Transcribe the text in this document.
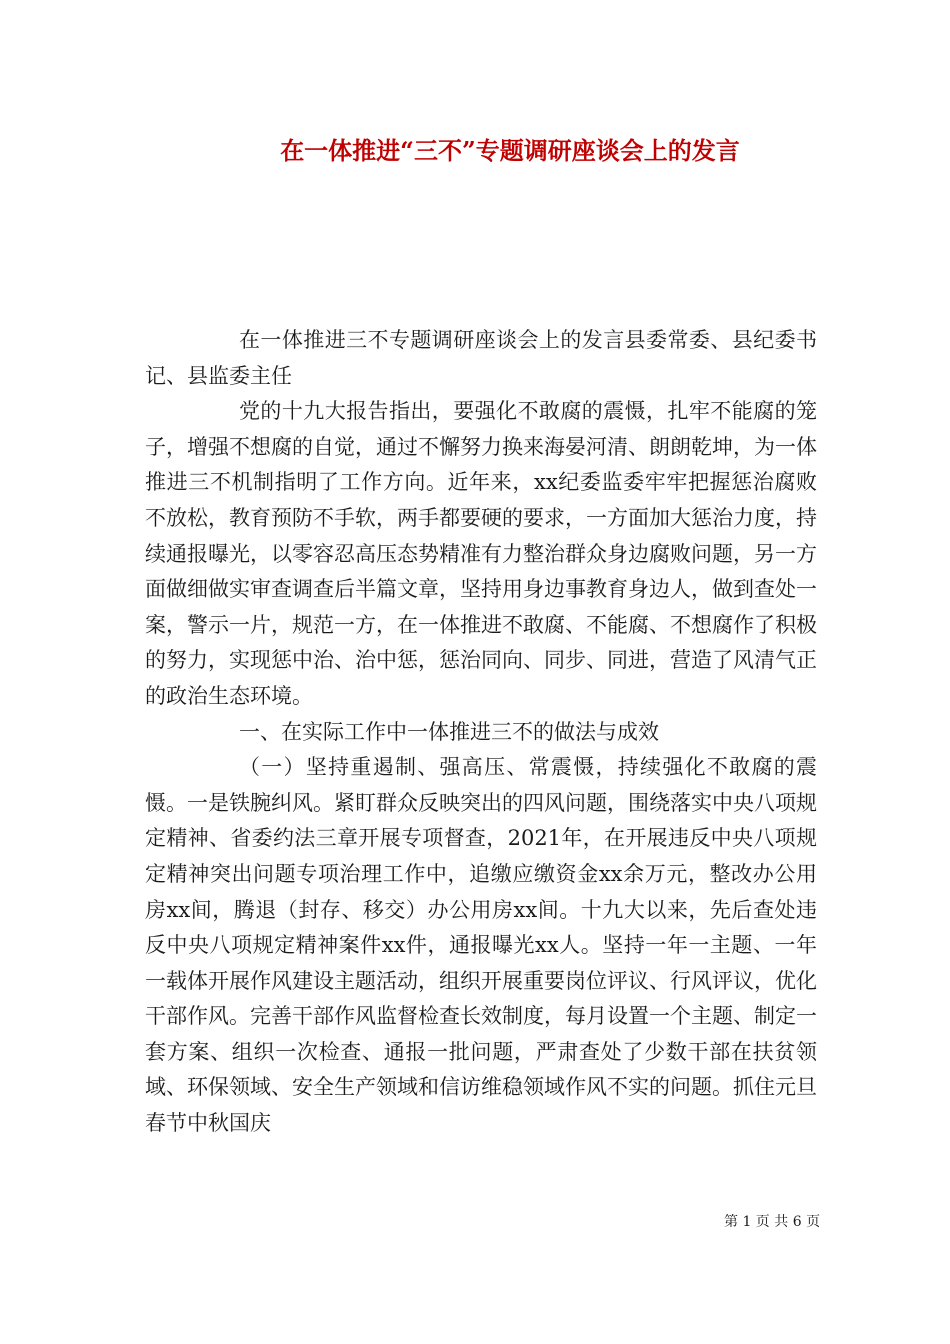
在一体推进“三不”专题调研座谈会上的发言

在一体推进三不专题调研座谈会上的发言县委常委、县纪委书记、县监委主任

党的十九大报告指出，要强化不敢腐的震慑，扎牢不能腐的笼子，增强不想腐的自觉，通过不懈努力换来海晏河清、朗朗乾坤，为一体推进三不机制指明了工作方向。近年来，xx纪委监委牢牢把握惩治腐败不放松，教育预防不手软，两手都要硬的要求，一方面加大惩治力度，持续通报曝光，以零容忍高压态势精准有力整治群众身边腐败问题，另一方面做细做实审查调查后半篇文章，坚持用身边事教育身边人，做到查处一案，警示一片，规范一方，在一体推进不敢腐、不能腐、不想腐作了积极的努力，实现惩中治、治中惩，惩治同向、同步、同进，营造了风清气正的政治生态环境。

一、在实际工作中一体推进三不的做法与成效

（一）坚持重遏制、强高压、常震慑，持续强化不敢腐的震慑。一是铁腕纠风。紧盯群众反映突出的四风问题，围绕落实中央八项规定精神、省委约法三章开展专项督查，2021年，在开展违反中央八项规定精神突出问题专项治理工作中，追缴应缴资金xx余万元，整改办公用房xx间，腾退（封存、移交）办公用房xx间。十九大以来，先后查处违反中央八项规定精神案件xx件，通报曝光xx人。坚持一年一主题、一年一载体开展作风建设主题活动，组织开展重要岗位评议、行风评议，优化干部作风。完善干部作风监督检查长效制度，每月设置一个主题、制定一套方案、组织一次检查、通报一批问题，严肃查处了少数干部在扶贫领域、环保领域、安全生产领域和信访维稳领域作风不实的问题。抓住元旦春节中秋国庆

第 1 页 共 6 页
